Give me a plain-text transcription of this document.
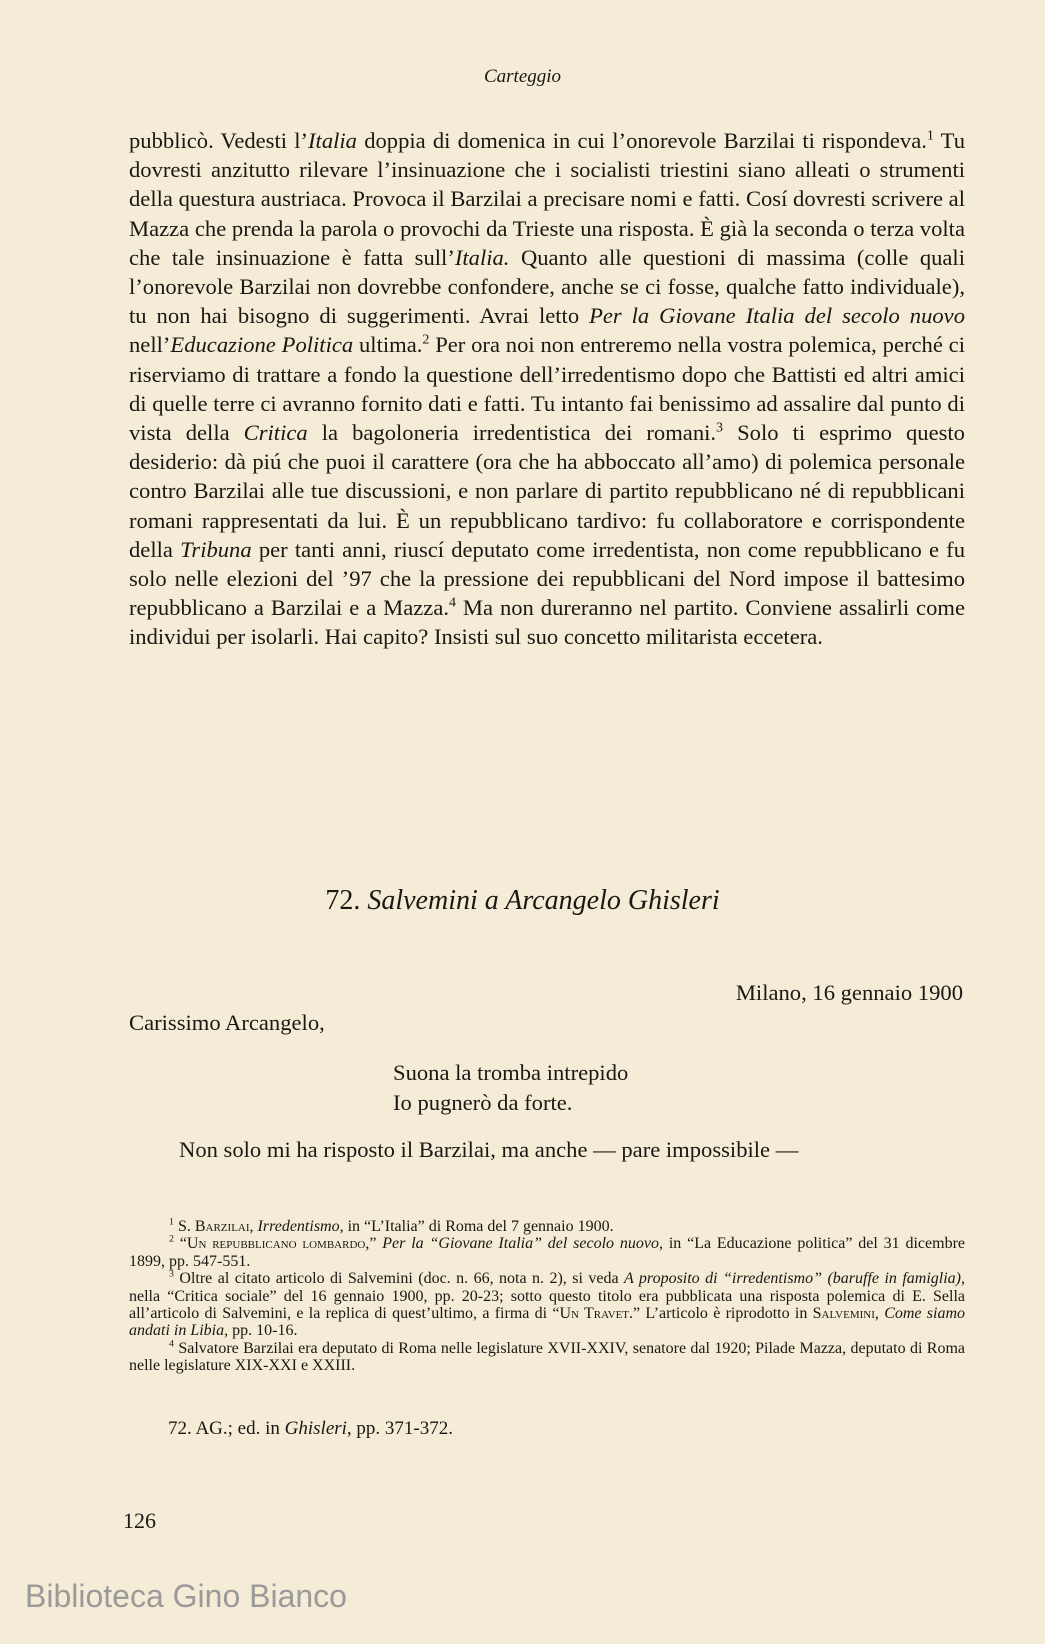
Carteggio

pubblicò. Vedesti l’Italia doppia di domenica in cui l’onorevole Barzilai ti rispondeva.$^1$ Tu dovresti anzitutto rilevare l’insinuazione che i socialisti triestini siano alleati o strumenti della questura austriaca. Provoca il Barzilai a precisare nomi e fatti. Cosí dovresti scrivere al Mazza che prenda la parola o provochi da Trieste una risposta. È già la seconda o terza volta che tale insinuazione è fatta sull’Italia. Quanto alle questioni di massima (colle quali l’onorevole Barzilai non dovrebbe confondere, anche se ci fosse, qualche fatto individuale), tu non hai bisogno di suggerimenti. Avrai letto Per la Giovane Italia del secolo nuovo nell’Educazione Politica ultima.$^2$ Per ora noi non entreremo nella vostra polemica, perché ci riserviamo di trattare a fondo la questione dell’irredentismo dopo che Battisti ed altri amici di quelle terre ci avranno fornito dati e fatti. Tu intanto fai benissimo ad assalire dal punto di vista della Critica la bagoloneria irredentistica dei romani.$^3$ Solo ti esprimo questo desiderio: dà piú che puoi il carattere (ora che ha abboccato all’amo) di polemica personale contro Barzilai alle tue discussioni, e non parlare di partito repubblicano né di repubblicani romani rappresentati da lui. È un repubblicano tardivo: fu collaboratore e corrispondente della Tribuna per tanti anni, riuscí deputato come irredentista, non come repubblicano e fu solo nelle elezioni del ’97 che la pressione dei repubblicani del Nord impose il battesimo repubblicano a Barzilai e a Mazza.$^4$ Ma non dureranno nel partito. Conviene assalirli come individui per isolarli. Hai capito? Insisti sul suo concetto militarista eccetera.

72. Salvemini a Arcangelo Ghisleri
Milano, 16 gennaio 1900
Carissimo Arcangelo,
Suona la tromba intrepido
Io pugnerò da forte.
Non solo mi ha risposto il Barzilai, ma anche — pare impossibile —

$^1$ S. Barzilai, Irredentismo, in “L’Italia” di Roma del 7 gennaio 1900.

$^2$ “Un repubblicano lombardo,” Per la “Giovane Italia” del secolo nuovo, in “La Educazione politica” del 31 dicembre 1899, pp. 547-551.

$^3$ Oltre al citato articolo di Salvemini (doc. n. 66, nota n. 2), si veda A proposito di “irredentismo” (baruffe in famiglia), nella “Critica sociale” del 16 gennaio 1900, pp. 20-23; sotto questo titolo era pubblicata una risposta polemica di E. Sella all’articolo di Salvemini, e la replica di quest’ultimo, a firma di “Un Travet.” L’articolo è riprodotto in Salvemini, Come siamo andati in Libia, pp. 10-16.

$^4$ Salvatore Barzilai era deputato di Roma nelle legislature XVII-XXIV, senatore dal 1920; Pilade Mazza, deputato di Roma nelle legislature XIX-XXI e XXIII.

72. AG.; ed. in Ghisleri, pp. 371-372.
126
Biblioteca Gino Bianco
